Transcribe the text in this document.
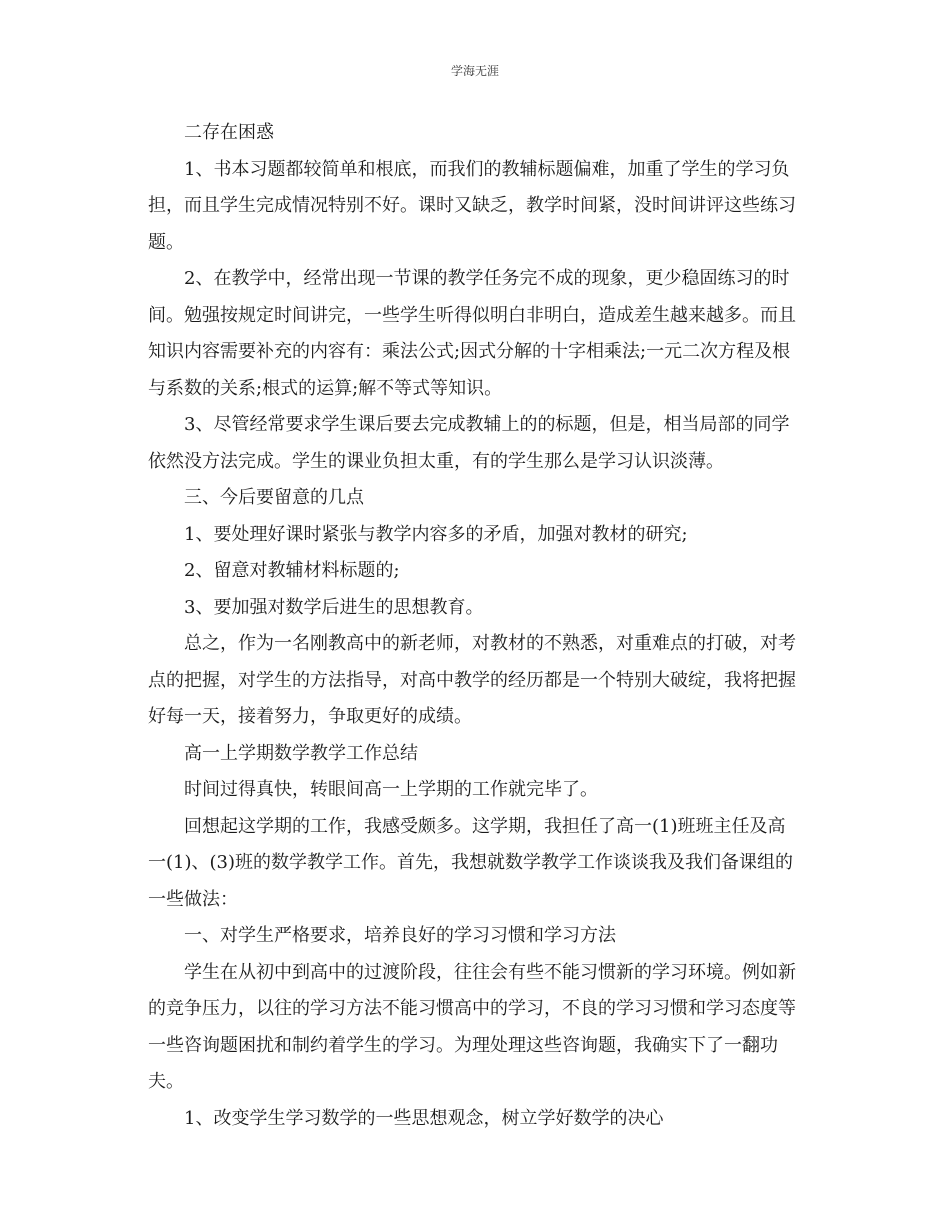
学海无涯

二存在困惑

1、书本习题都较简单和根底，而我们的教辅标题偏难，加重了学生的学习负担，而且学生完成情况特别不好。课时又缺乏，教学时间紧，没时间讲评这些练习题。

2、在教学中，经常出现一节课的教学任务完不成的现象，更少稳固练习的时间。勉强按规定时间讲完，一些学生听得似明白非明白，造成差生越来越多。而且知识内容需要补充的内容有：乘法公式;因式分解的十字相乘法;一元二次方程及根与系数的关系;根式的运算;解不等式等知识。

3、尽管经常要求学生课后要去完成教辅上的的标题，但是，相当局部的同学依然没方法完成。学生的课业负担太重，有的学生那么是学习认识淡薄。

三、今后要留意的几点

1、要处理好课时紧张与教学内容多的矛盾，加强对教材的研究;

2、留意对教辅材料标题的;

3、要加强对数学后进生的思想教育。

总之，作为一名刚教高中的新老师，对教材的不熟悉，对重难点的打破，对考点的把握，对学生的方法指导，对高中教学的经历都是一个特别大破绽，我将把握好每一天，接着努力，争取更好的成绩。

高一上学期数学教学工作总结

时间过得真快，转眼间高一上学期的工作就完毕了。

回想起这学期的工作，我感受颇多。这学期，我担任了高一(1)班班主任及高一(1)、(3)班的数学教学工作。首先，我想就数学教学工作谈谈我及我们备课组的一些做法：

一、对学生严格要求，培养良好的学习习惯和学习方法

学生在从初中到高中的过渡阶段，往往会有些不能习惯新的学习环境。例如新的竞争压力，以往的学习方法不能习惯高中的学习，不良的学习习惯和学习态度等一些咨询题困扰和制约着学生的学习。为理处理这些咨询题，我确实下了一翻功夫。

1、改变学生学习数学的一些思想观念，树立学好数学的决心
